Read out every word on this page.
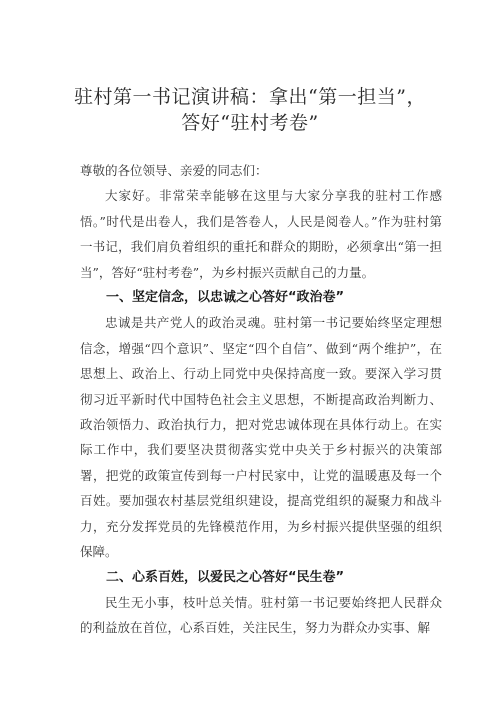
驻村第一书记演讲稿：拿出“第一担当”，
答好“驻村考卷”

尊敬的各位领导、亲爱的同志们：

大家好。非常荣幸能够在这里与大家分享我的驻村工作感悟。”时代是出卷人，我们是答卷人，人民是阅卷人。”作为驻村第一书记，我们肩负着组织的重托和群众的期盼，必须拿出“第一担当”，答好“驻村考卷”，为乡村振兴贡献自己的力量。

一、坚定信念，以忠诚之心答好“政治卷”

忠诚是共产党人的政治灵魂。驻村第一书记要始终坚定理想信念，增强“四个意识”、坚定“四个自信”、做到“两个维护”，在思想上、政治上、行动上同党中央保持高度一致。要深入学习贯彻习近平新时代中国特色社会主义思想，不断提高政治判断力、政治领悟力、政治执行力，把对党忠诚体现在具体行动上。在实际工作中，我们要坚决贯彻落实党中央关于乡村振兴的决策部署，把党的政策宣传到每一户村民家中，让党的温暖惠及每一个百姓。要加强农村基层党组织建设，提高党组织的凝聚力和战斗力，充分发挥党员的先锋模范作用，为乡村振兴提供坚强的组织保障。

二、心系百姓，以爱民之心答好“民生卷”

民生无小事，枝叶总关情。驻村第一书记要始终把人民群众的利益放在首位，心系百姓，关注民生，努力为群众办实事、解
